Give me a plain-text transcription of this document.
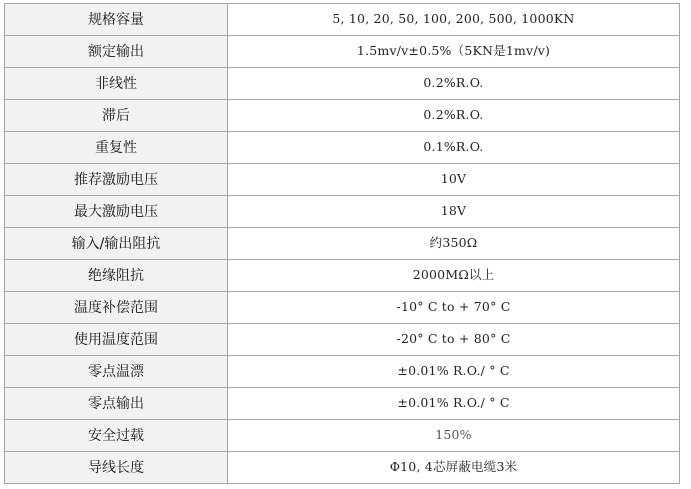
规格容量	5, 10, 20, 50, 100, 200, 500, 1000KN
额定输出	1.5mv/v±0.5%（5KN是1mv/v)
非线性	0.2%R.O.
滞后	0.2%R.O.
重复性	0.1%R.O.
推荐激励电压	10V
最大激励电压	18V
输入/输出阻抗	约350Ω
绝缘阻抗	2000MΩ以上
温度补偿范围	-10° C to + 70° C
使用温度范围	-20° C to + 80° C
零点温漂	±0.01% R.O./ ° C
零点输出	±0.01% R.O./ ° C
安全过载	150%
导线长度	Φ10, 4芯屏蔽电缆3米
